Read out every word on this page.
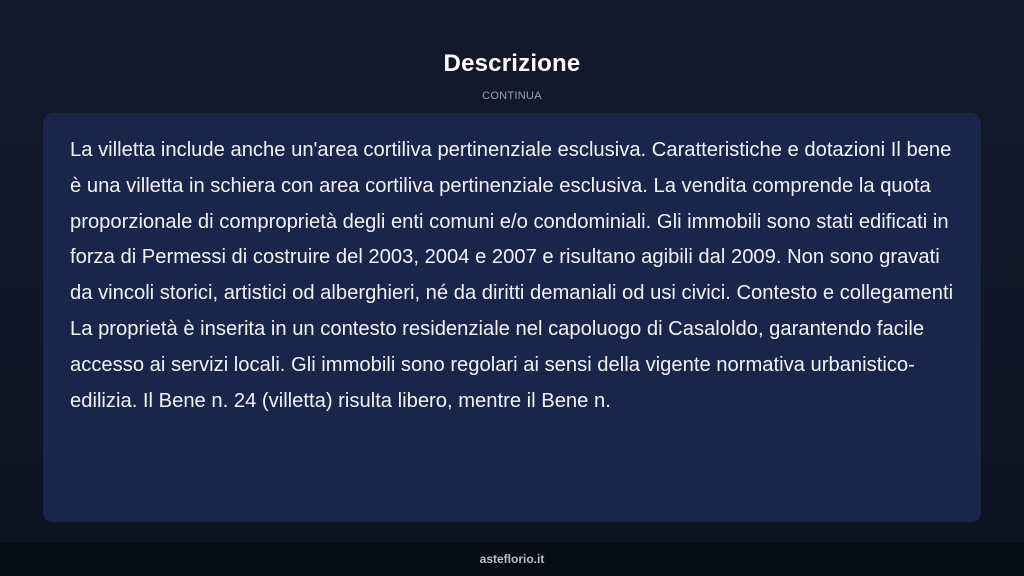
Descrizione
CONTINUA

La villetta include anche un'area cortiliva pertinenziale esclusiva. Caratteristiche e dotazioni Il bene è una villetta in schiera con area cortiliva pertinenziale esclusiva. La vendita comprende la quota proporzionale di comproprietà degli enti comuni e/o condominiali. Gli immobili sono stati edificati in forza di Permessi di costruire del 2003, 2004 e 2007 e risultano agibili dal 2009. Non sono gravati da vincoli storici, artistici od alberghieri, né da diritti demaniali od usi civici. Contesto e collegamenti La proprietà è inserita in un contesto residenziale nel capoluogo di Casaloldo, garantendo facile accesso ai servizi locali. Gli immobili sono regolari ai sensi della vigente normativa urbanistico-edilizia. Il Bene n. 24 (villetta) risulta libero, mentre il Bene n.

asteflorio.it
